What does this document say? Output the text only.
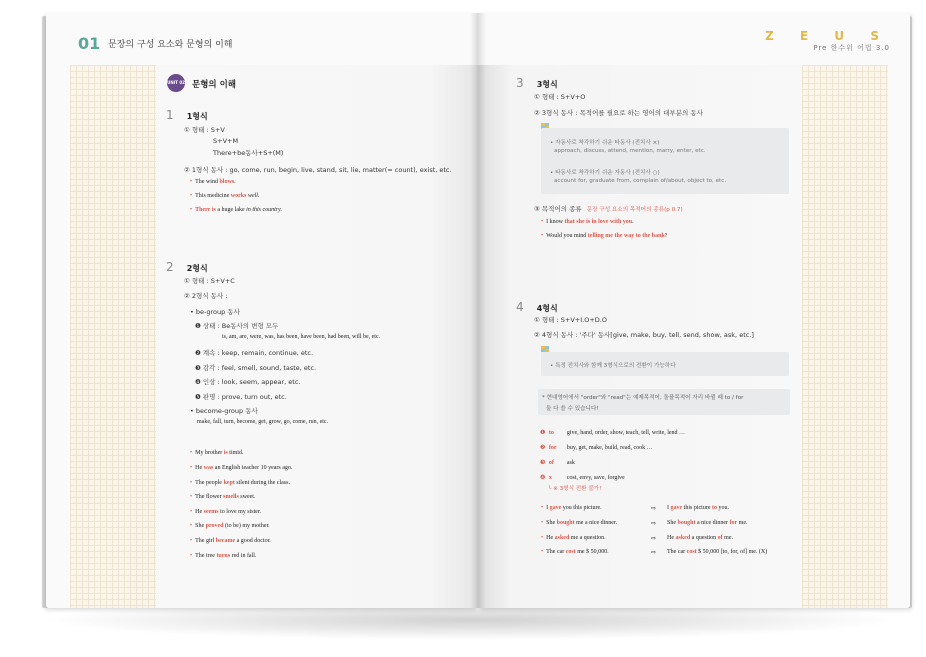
01 문장의 구성 요소와 문형의 이해
Z E U S
Pre 한수위 어법 3.0
UNIT 02 문형의 이해
1 1형식
① 형태 : S+V
S+V+M
There+be동사+S+(M)
② 1형식 동사 : go, come, run, begin, live, stand, sit, lie, matter(= count), exist, etc.
• The wind blows.
• This medicine works well.
• There is a huge lake in this country.
2 2형식
① 형태 : S+V+C
② 2형식 동사 :
• be-group 동사
❶ 상태 : Be동사의 변형 모두
is, am, are, were, was, has been, have been, had been, will be, etc.
❷ 계속 : keep, remain, continue, etc.
❸ 감각 : feel, smell, sound, taste, etc.
❹ 인상 : look, seem, appear, etc.
❺ 판명 : prove, turn out, etc.
• become-group 동사
make, fall, turn, become, get, grow, go, come, run, etc.
• My brother is timid.
• He was an English teacher 10 years ago.
• The people kept silent during the class.
• The flower smells sweet.
• He seems to love my sister.
• She proved (to be) my mother.
• The girl became a good doctor.
• The tree turns red in fall.
3 3형식
① 형태 : S+V+O
② 3형식 동사 : 목적어를 필요로 하는 영어의 대부분의 동사
• 자동사로 착각하기 쉬운 타동사 (전치사 ×)
approach, discuss, attend, mention, marry, enter, etc.
• 타동사로 착각하기 쉬운 자동사 (전치사 ○)
account for, graduate from, complain of/about, object to, etc.
③ 목적어의 종류 문장 구성 요소의 목적어의 종류(p 0.7)
• I know that she is in love with you.
• Would you mind telling me the way to the bank?
4 4형식
① 형태 : S+V+I.O+D.O
② 4형식 동사 : '주다' 동사[give, make, buy, tell, send, show, ask, etc.]
• 특정 전치사와 함께 3형식으로의 전환이 가능하다
* 현대영어에서 "order"와 "read"는 예제목적어, 돌플목적어 자리 바뀔 때 to / for
둘 다 쓸 수 있습니다!
❶ to give, hand, order, show, teach, tell, write, lend …
❷ for buy, get, make, build, read, cook …
❸ of ask
❹ x	cost, envy, save, forgive
└ ※ 3형식 전환 불가!
• I gave you this picture.	⇨ I gave this picture to you.
• She bought me a nice dinner.	⇨ She bought a nice dinner for me.
• He asked me a question.	⇨ He asked a question of me.
• The car cost me $ 50,000.	⇨ The car cost $ 50,000 [to, for, of] me. (X)
